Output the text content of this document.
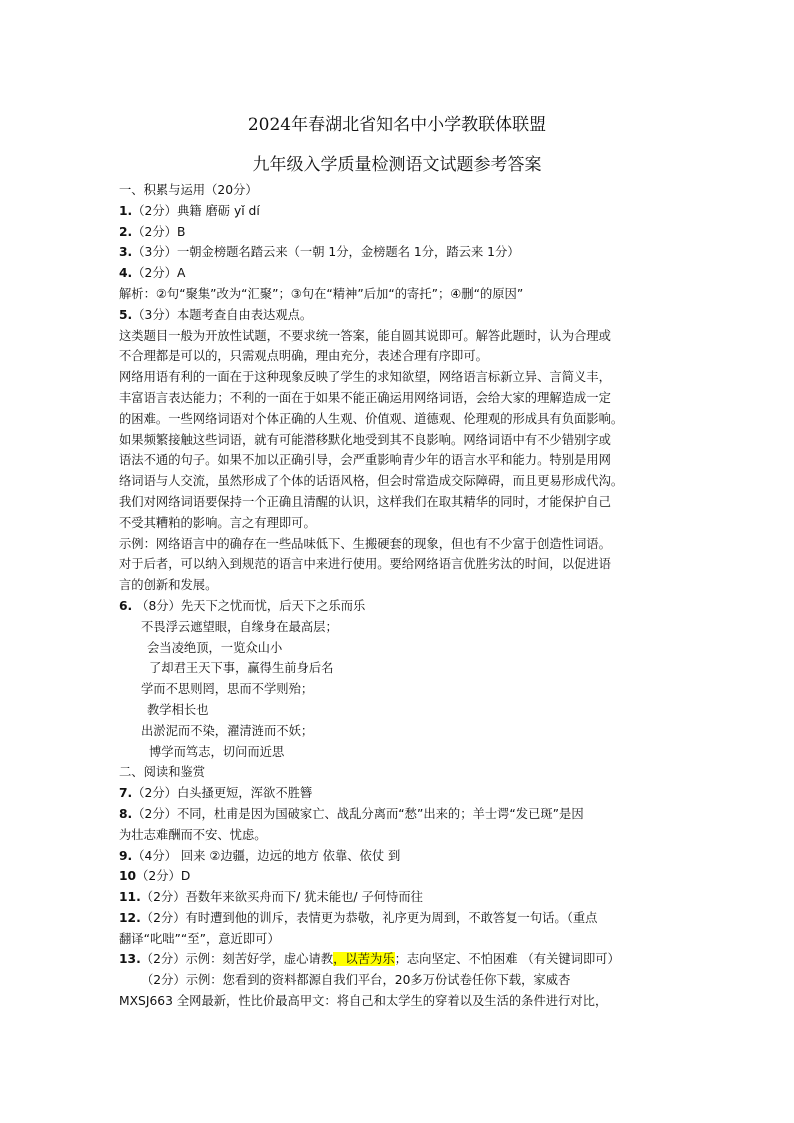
2024年春湖北省知名中小学教联体联盟
九年级入学质量检测语文试题参考答案
一、积累与运用（20分）
1.（2分）典籍 磨砺 yǐ dí
2.（2分）B
3.（3分）一朝金榜题名踏云来（一朝 1分，金榜题名 1分，踏云来 1分）
4.（2分）A
解析：②句“聚集”改为“汇聚”；③句在“精神”后加“的寄托”；④删“的原因”
5.（3分）本题考查自由表达观点。
这类题目一般为开放性试题，不要求统一答案，能自圆其说即可。解答此题时，认为合理或
不合理都是可以的，只需观点明确，理由充分，表述合理有序即可。
网络用语有利的一面在于这种现象反映了学生的求知欲望，网络语言标新立异、言简义丰，
丰富语言表达能力；不利的一面在于如果不能正确运用网络词语，会给大家的理解造成一定
的困难。一些网络词语对个体正确的人生观、价值观、道德观、伦理观的形成具有负面影响。
如果频繁接触这些词语，就有可能潜移默化地受到其不良影响。网络词语中有不少错别字或
语法不通的句子。如果不加以正确引导，会严重影响青少年的语言水平和能力。特别是用网
络词语与人交流，虽然形成了个体的话语风格，但会时常造成交际障碍，而且更易形成代沟。
我们对网络词语要保持一个正确且清醒的认识，这样我们在取其精华的同时，才能保护自己
不受其糟粕的影响。言之有理即可。
示例：网络语言中的确存在一些品味低下、生搬硬套的现象，但也有不少富于创造性词语。
对于后者，可以纳入到规范的语言中来进行使用。要给网络语言优胜劣汰的时间，以促进语
言的创新和发展。
6. （8分）先天下之忧而忧，后天下之乐而乐
不畏浮云遮望眼，自缘身在最高层；
会当凌绝顶，一览众山小
了却君王天下事，赢得生前身后名
学而不思则罔，思而不学则殆；
教学相长也
出淤泥而不染，濯清涟而不妖；
博学而笃志，切问而近思
二、阅读和鉴赏
7.（2分）白头搔更短，浑欲不胜簪
8.（2分）不同，杜甫是因为国破家亡、战乱分离而“愁”出来的；羊士谔“发已斑”是因
为壮志难酬而不安、忧虑。
9.（4分） 回来 ②边疆，边远的地方 依靠、依仗 到
10（2分）D
11.（2分）吾数年来欲买舟而下/ 犹未能也/ 子何恃而往
12.（2分）有时遭到他的训斥，表情更为恭敬，礼序更为周到，不敢答复一句话。（重点
翻译“叱咄”“至”，意近即可）
13.（2分）示例：刻苦好学，虚心请教，以苦为乐；志向坚定、不怕困难 （有关键词即可）
（2分）示例：您看到的资料都源自我们平台，20多万份试卷任你下载，家威杏
MXSJ663 全网最新，性比价最高甲文：将自己和太学生的穿着以及生活的条件进行对比，
